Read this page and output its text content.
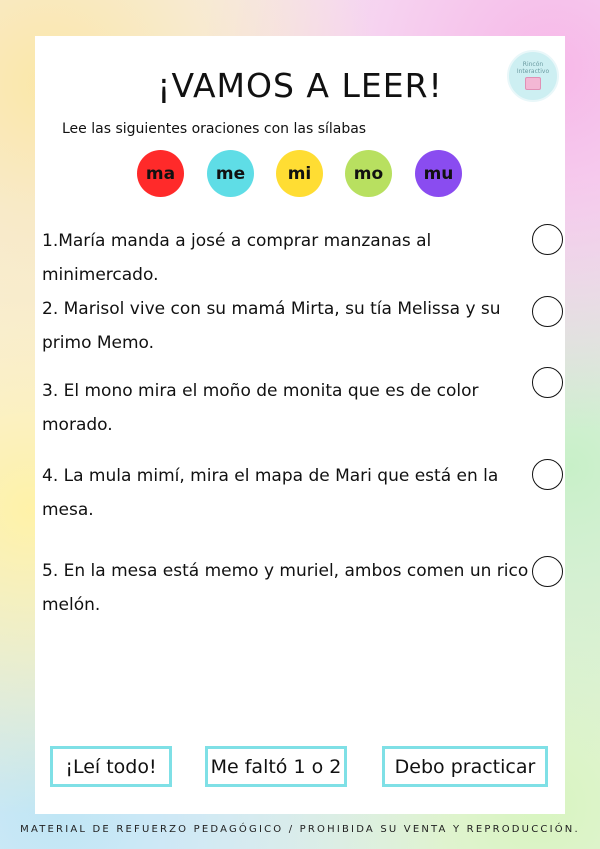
¡VAMOS A LEER!
Rincón Interactivo
Lee las siguientes oraciones con las sílabas
ma	me	mi	mo	mu
1.María manda a josé a comprar manzanas al minimercado.
2. Marisol vive con su mamá Mirta, su tía Melissa y su primo Memo.
3. El mono mira el moño de monita que es de color morado.
4. La mula mimí, mira el mapa de Mari que está en la mesa.
5. En la mesa está memo y muriel, ambos comen un rico melón.
¡Leí todo!	Me faltó 1 o 2	Debo practicar
MATERIAL DE REFUERZO PEDAGÓGICO / PROHIBIDA SU VENTA Y REPRODUCCIÓN.
